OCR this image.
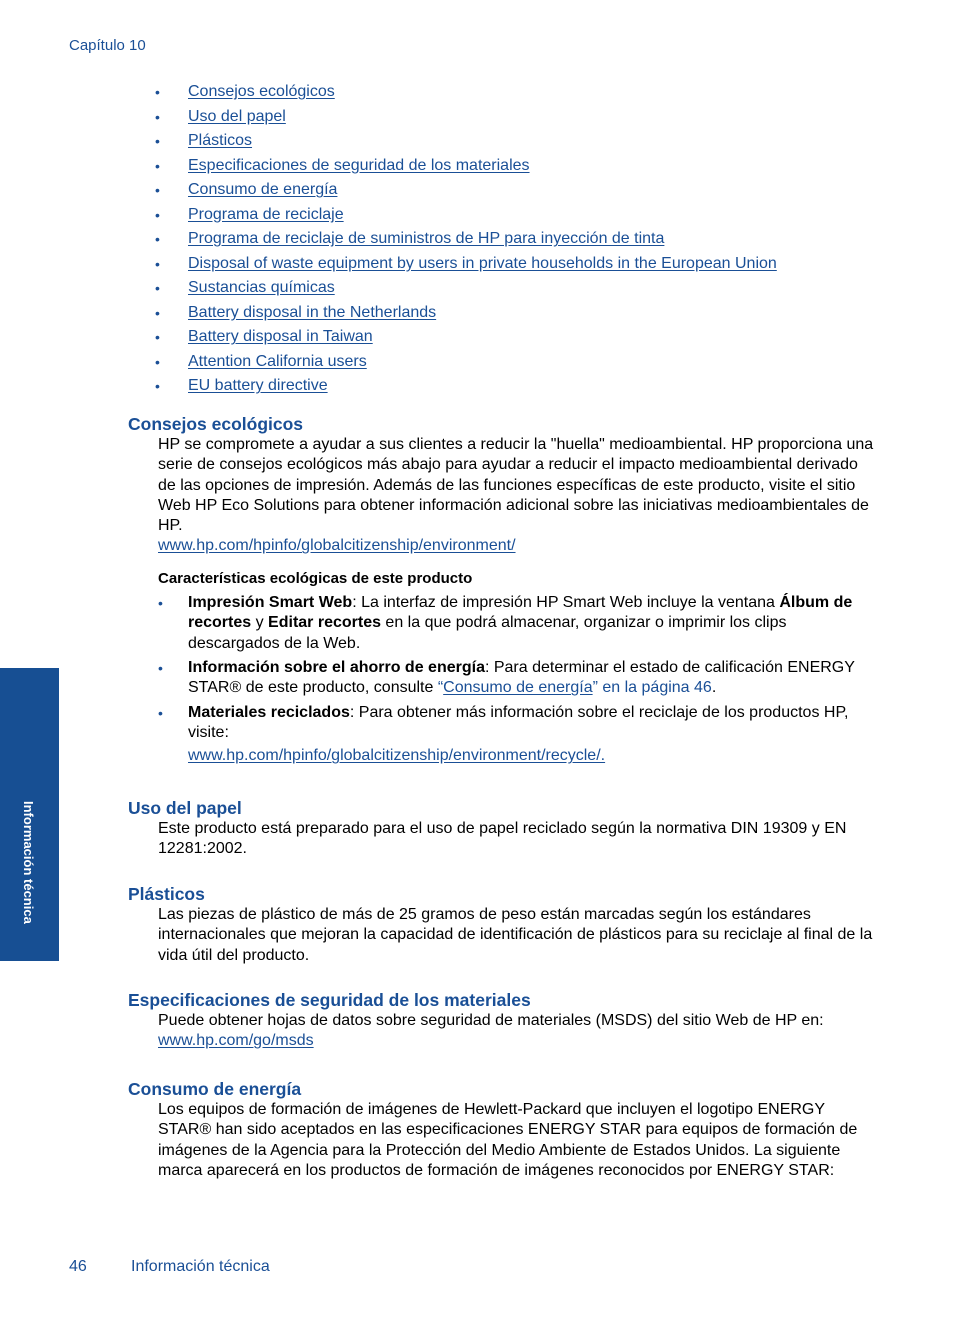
Capítulo 10
•	Consejos ecológicos
•	Uso del papel
•	Plásticos
•	Especificaciones de seguridad de los materiales
•	Consumo de energía
•	Programa de reciclaje
•	Programa de reciclaje de suministros de HP para inyección de tinta
•	Disposal of waste equipment by users in private households in the European Union
•	Sustancias químicas
•	Battery disposal in the Netherlands
•	Battery disposal in Taiwan
•	Attention California users
•	EU battery directive
Consejos ecológicos

HP se compromete a ayudar a sus clientes a reducir la "huella" medioambiental. HP proporciona una serie de consejos ecológicos más abajo para ayudar a reducir el impacto medioambiental derivado de las opciones de impresión. Además de las funciones específicas de este producto, visite el sitio Web HP Eco Solutions para obtener información adicional sobre las iniciativas medioambientales de HP.

www.hp.com/hpinfo/globalcitizenship/environment/

Características ecológicas de este producto

•	Impresión Smart Web: La interfaz de impresión HP Smart Web incluye la ventana Álbum de recortes y Editar recortes en la que podrá almacenar, organizar o imprimir los clips descargados de la Web.
•	Información sobre el ahorro de energía: Para determinar el estado de calificación ENERGY STAR® de este producto, consulte “Consumo de energía” en la página 46.
•	Materiales reciclados: Para obtener más información sobre el reciclaje de los productos HP, visite:
www.hp.com/hpinfo/globalcitizenship/environment/recycle/.
Uso del papel

Este producto está preparado para el uso de papel reciclado según la normativa DIN 19309 y EN 12281:2002.

Plásticos

Las piezas de plástico de más de 25 gramos de peso están marcadas según los estándares internacionales que mejoran la capacidad de identificación de plásticos para su reciclaje al final de la vida útil del producto.

Especificaciones de seguridad de los materiales

Puede obtener hojas de datos sobre seguridad de materiales (MSDS) del sitio Web de HP en:

www.hp.com/go/msds

Consumo de energía

Los equipos de formación de imágenes de Hewlett-Packard que incluyen el logotipo ENERGY STAR® han sido aceptados en las especificaciones ENERGY STAR para equipos de formación de imágenes de la Agencia para la Protección del Medio Ambiente de Estados Unidos. La siguiente marca aparecerá en los productos de formación de imágenes reconocidos por ENERGY STAR:

Información técnica
46	Información técnica
